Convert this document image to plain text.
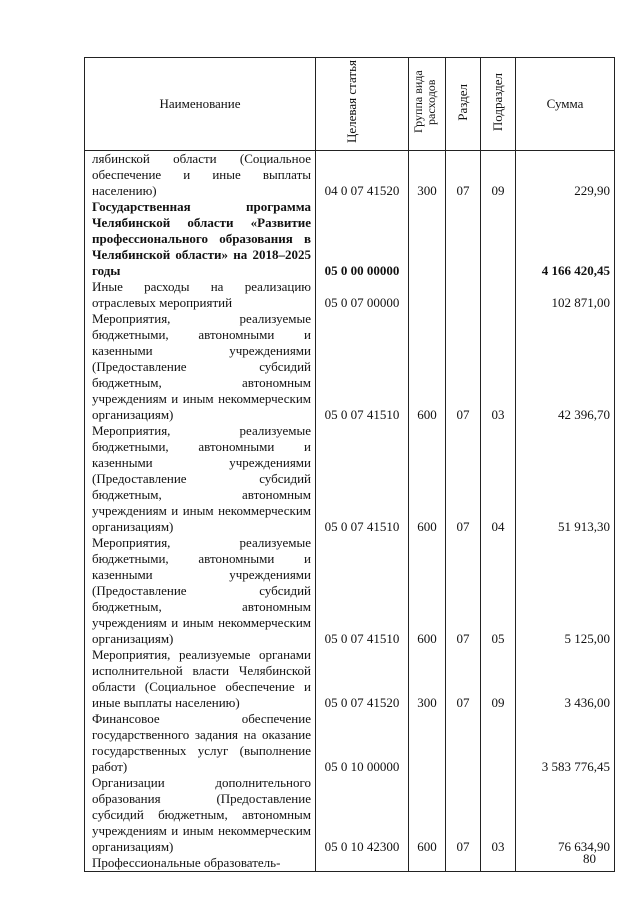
Наименование	Целевая статья	Группа вида расходов	Раздел	Подраздел	Сумма
лябинской области (Социальное обеспечение и иные выплаты населению)	04 0 07 41520	300	07	09	229,90
Государственная программа Челябинской области «Развитие профессионального образования в Челябинской области» на 2018–2025 годы	05 0 00 00000				4 166 420,45
Иные расходы на реализацию отраслевых мероприятий	05 0 07 00000				102 871,00
Мероприятия, реализуемые бюджетными, автономными и казенными учреждениями (Предоставление субсидий бюджетным, автономным учреждениям и иным некоммерческим организациям)	05 0 07 41510	600	07	03	42 396,70
Мероприятия, реализуемые бюджетными, автономными и казенными учреждениями (Предоставление субсидий бюджетным, автономным учреждениям и иным некоммерческим организациям)	05 0 07 41510	600	07	04	51 913,30
Мероприятия, реализуемые бюджетными, автономными и казенными учреждениями (Предоставление субсидий бюджетным, автономным учреждениям и иным некоммерческим организациям)	05 0 07 41510	600	07	05	5 125,00
Мероприятия, реализуемые органами исполнительной власти Челябинской области (Социальное обеспечение и иные выплаты населению)	05 0 07 41520	300	07	09	3 436,00
Финансовое обеспечение государственного задания на оказание государственных услуг (выполнение работ)	05 0 10 00000				3 583 776,45
Организации дополнительного образования (Предоставление субсидий бюджетным, автономным учреждениям и иным некоммерческим организациям)	05 0 10 42300	600	07	03	76 634,90
Профессиональные образователь-						80
